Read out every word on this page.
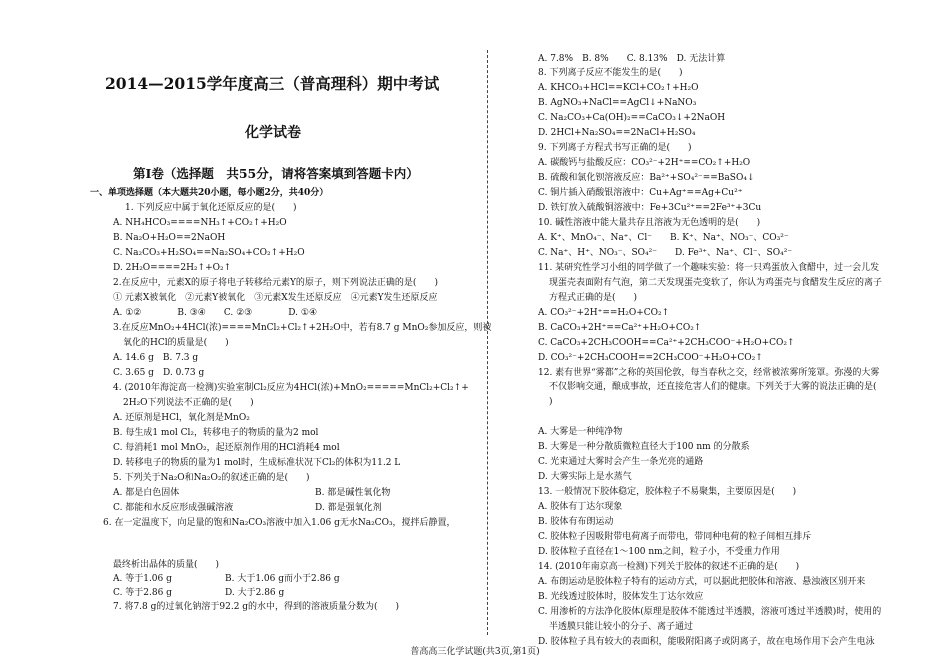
2014—2015学年度高三（普高理科）期中考试
化学试卷
第Ⅰ卷（选择题　共55分，请将答案填到答题卡内）
一、单项选择题（本大题共20小题，每小题2分，共40分）
1. 下列反应中属于氧化还原反应的是(　　)
A. NH₄HCO₃====NH₃↑+CO₂↑+H₂O
B. Na₂O+H₂O==2NaOH
C. Na₂CO₃+H₂SO₄==Na₂SO₄+CO₂↑+H₂O
D. 2H₂O====2H₂↑+O₂↑
2.在反应中，元素X的原子将电子转移给元素Y的原子，则下列说法正确的是(　　)
① 元素X被氧化　②元素Y被氧化　③元素X发生还原反应　④元素Y发生还原反应
A. ①②　　　　B. ③④　　C. ②③　　　　D. ①④
3.在反应MnO₂+4HCl(浓)====MnCl₂+Cl₂↑+2H₂O中，若有8.7 g MnO₂参加反应，则被
氧化的HCl的质量是(　　)
A. 14.6 g　B. 7.3 g
C. 3.65 g　D. 0.73 g
4. (2010年海淀高一检测)实验室制Cl₂反应为4HCl(浓)+MnO₂=====MnCl₂+Cl₂↑+
2H₂O下列说法不正确的是(　　)
A. 还原剂是HCl，氧化剂是MnO₂
B. 每生成1 mol Cl₂，转移电子的物质的量为2 mol
C. 每消耗1 mol MnO₂，起还原剂作用的HCl消耗4 mol
D. 转移电子的物质的量为1 mol时，生成标准状况下Cl₂的体积为11.2 L
5. 下列关于Na₂O和Na₂O₂的叙述正确的是(　　)
A. 都是白色固体	B. 都是碱性氧化物
C. 都能和水反应形成强碱溶液	D. 都是强氧化剂
6. 在一定温度下，向足量的饱和Na₂CO₃溶液中加入1.06 g无水Na₂CO₃，搅拌后静置，
最终析出晶体的质量(　　)
A. 等于1.06 g	B. 大于1.06 g而小于2.86 g
C. 等于2.86 g	D. 大于2.86 g
7. 将7.8 g的过氧化钠溶于92.2 g的水中，得到的溶液质量分数为(　　)
A. 7.8%　B. 8%　　C. 8.13%　D. 无法计算
8. 下列离子反应不能发生的是(　　)
A. KHCO₃+HCl==KCl+CO₂↑+H₂O
B. AgNO₃+NaCl==AgCl↓+NaNO₃
C. Na₂CO₃+Ca(OH)₂==CaCO₃↓+2NaOH
D. 2HCl+Na₂SO₄==2NaCl+H₂SO₄
9. 下列离子方程式书写正确的是(　　)
A. 碳酸钙与盐酸反应：CO₃²⁻+2H⁺==CO₂↑+H₂O
B. 硫酸和氯化钡溶液反应：Ba²⁺+SO₄²⁻==BaSO₄↓
C. 铜片插入硝酸银溶液中：Cu+Ag⁺==Ag+Cu²⁺
D. 铁钉放入硫酸铜溶液中：Fe+3Cu²⁺==2Fe³⁺+3Cu
10. 碱性溶液中能大量共存且溶液为无色透明的是(　　)
A. K⁺、MnO₄⁻、Na⁺、Cl⁻　　B. K⁺、Na⁺、NO₃⁻、CO₃²⁻
C. Na⁺、H⁺、NO₃⁻、SO₄²⁻　　D. Fe³⁺、Na⁺、Cl⁻、SO₄²⁻
11. 某研究性学习小组的同学做了一个趣味实验：将一只鸡蛋放入食醋中，过一会儿发
现蛋壳表面附有气泡，第二天发现蛋壳变软了，你认为鸡蛋壳与食醋发生反应的离子
方程式正确的是(　　)
A. CO₃²⁻+2H⁺==H₂O+CO₂↑
B. CaCO₃+2H⁺==Ca²⁺+H₂O+CO₂↑
C. CaCO₃+2CH₃COOH==Ca²⁺+2CH₃COO⁻+H₂O+CO₂↑
D. CO₃²⁻+2CH₃COOH==2CH₃COO⁻+H₂O+CO₂↑
12. 素有世界“雾都”之称的英国伦敦，每当春秋之交，经常被浓雾所笼罩。弥漫的大雾
不仅影响交通，酿成事故，还直接危害人们的健康。下列关于大雾的说法正确的是(
)
A. 大雾是一种纯净物
B. 大雾是一种分散质微粒直径大于100 nm 的分散系
C. 光束通过大雾时会产生一条光亮的通路
D. 大雾实际上是水蒸气
13. 一般情况下胶体稳定，胶体粒子不易聚集，主要原因是(　　)
A. 胶体有丁达尔现象
B. 胶体有布朗运动
C. 胶体粒子因吸附带电荷离子而带电，带同种电荷的粒子间相互排斥
D. 胶体粒子直径在1～100 nm之间，粒子小，不受重力作用
14. (2010年南京高一检测)下列关于胶体的叙述不正确的是(　　)
A. 布朗运动是胶体粒子特有的运动方式，可以据此把胶体和溶液、悬浊液区别开来
B. 光线透过胶体时，胶体发生丁达尔效应
C. 用渗析的方法净化胶体(原理是胶体不能透过半透膜，溶液可透过半透膜)时，使用的
半透膜只能让较小的分子、离子通过
D. 胶体粒子具有较大的表面积，能吸附阳离子或阴离子，故在电场作用下会产生电泳
普高高三化学试题(共3页,第1页)
